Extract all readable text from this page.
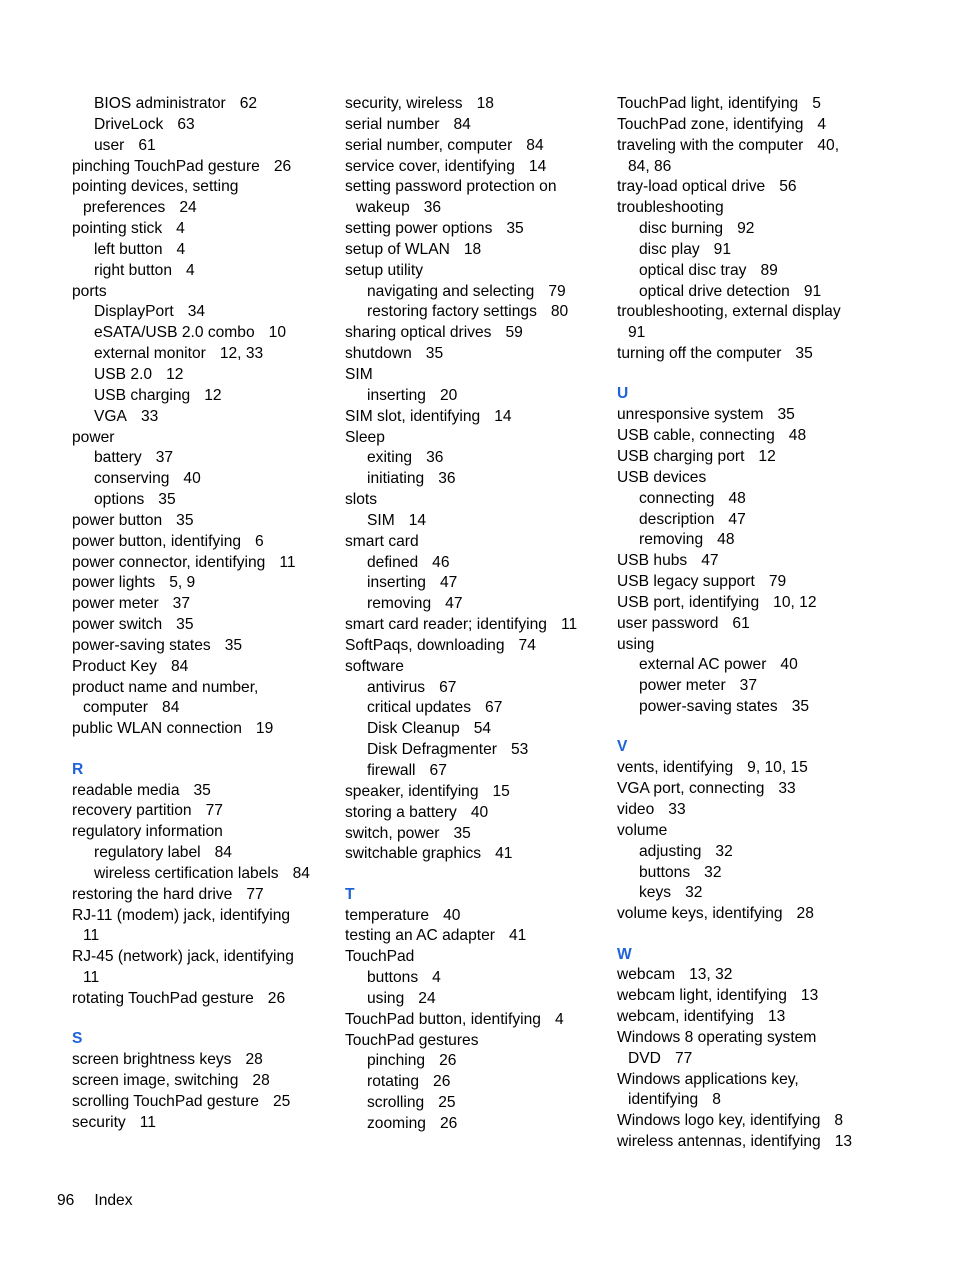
BIOS administrator 62
DriveLock 63
user 61
pinching TouchPad gesture 26
pointing devices, setting
preferences 24
pointing stick 4
left button 4
right button 4
ports
DisplayPort 34
eSATA/USB 2.0 combo 10
external monitor 12, 33
USB 2.0 12
USB charging 12
VGA 33
power
battery 37
conserving 40
options 35
power button 35
power button, identifying 6
power connector, identifying 11
power lights 5, 9
power meter 37
power switch 35
power-saving states 35
Product Key 84
product name and number,
computer 84
public WLAN connection 19
R
readable media 35
recovery partition 77
regulatory information
regulatory label 84
wireless certification labels 84
restoring the hard drive 77
RJ-11 (modem) jack, identifying
11
RJ-45 (network) jack, identifying
11
rotating TouchPad gesture 26
S
screen brightness keys 28
screen image, switching 28
scrolling TouchPad gesture 25
security 11
security, wireless 18
serial number 84
serial number, computer 84
service cover, identifying 14
setting password protection on
wakeup 36
setting power options 35
setup of WLAN 18
setup utility
navigating and selecting 79
restoring factory settings 80
sharing optical drives 59
shutdown 35
SIM
inserting 20
SIM slot, identifying 14
Sleep
exiting 36
initiating 36
slots
SIM 14
smart card
defined 46
inserting 47
removing 47
smart card reader; identifying 11
SoftPaqs, downloading 74
software
antivirus 67
critical updates 67
Disk Cleanup 54
Disk Defragmenter 53
firewall 67
speaker, identifying 15
storing a battery 40
switch, power 35
switchable graphics 41
T
temperature 40
testing an AC adapter 41
TouchPad
buttons 4
using 24
TouchPad button, identifying 4
TouchPad gestures
pinching 26
rotating 26
scrolling 25
zooming 26
TouchPad light, identifying 5
TouchPad zone, identifying 4
traveling with the computer 40,
84, 86
tray-load optical drive 56
troubleshooting
disc burning 92
disc play 91
optical disc tray 89
optical drive detection 91
troubleshooting, external display
91
turning off the computer 35
U
unresponsive system 35
USB cable, connecting 48
USB charging port 12
USB devices
connecting 48
description 47
removing 48
USB hubs 47
USB legacy support 79
USB port, identifying 10, 12
user password 61
using
external AC power 40
power meter 37
power-saving states 35
V
vents, identifying 9, 10, 15
VGA port, connecting 33
video 33
volume
adjusting 32
buttons 32
keys 32
volume keys, identifying 28
W
webcam 13, 32
webcam light, identifying 13
webcam, identifying 13
Windows 8 operating system
DVD 77
Windows applications key,
identifying 8
Windows logo key, identifying 8
wireless antennas, identifying 13
96 Index
